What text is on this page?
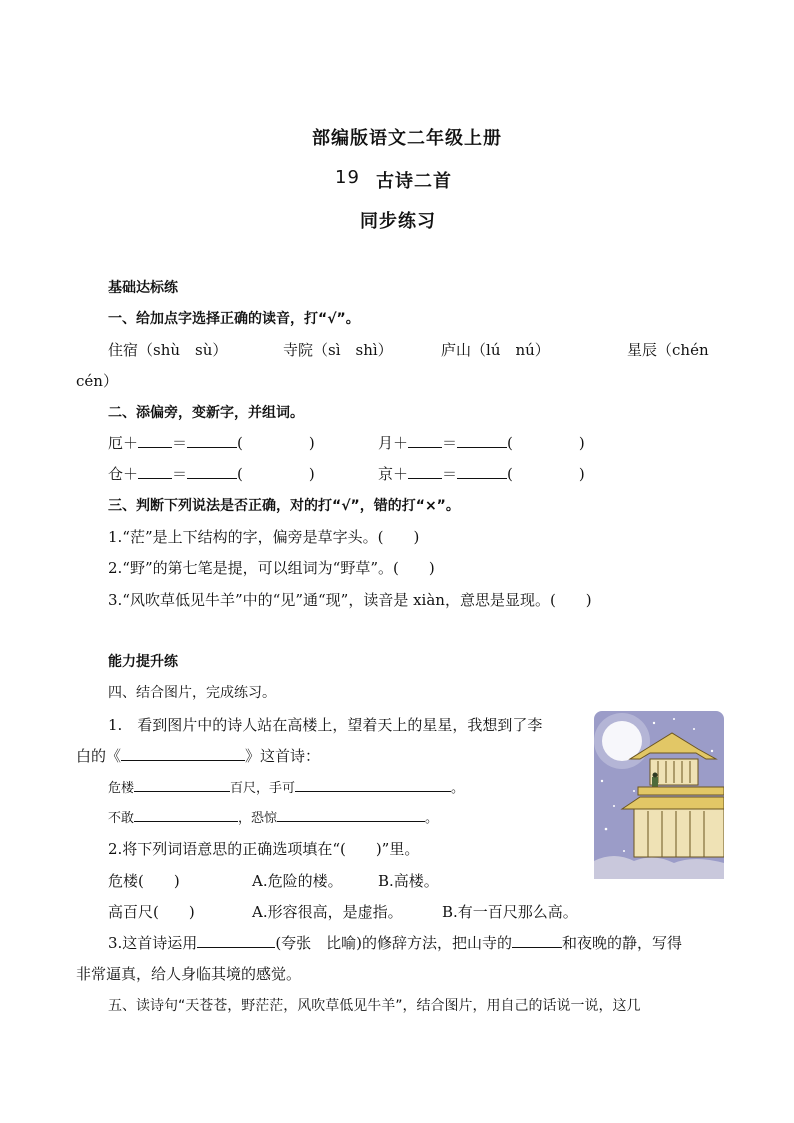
部编版语文二年级上册
19 古诗二首
同步练习
基础达标练
一、给加点字选择正确的读音，打“√”。
住宿（shù　sù）	寺院（sì　shì）	庐山（lú　nú）	星辰（chén
cén）
二、添偏旁，变新字，并组词。
厄＋ ＝	(	)	月＋ ＝	(	)
仓＋ ＝	(	)	京＋ ＝	(	)
三、判断下列说法是否正确，对的打“√”，错的打“×”。
1.“茫”是上下结构的字，偏旁是草字头。(　　)
2.“野”的第七笔是提，可以组词为“野草”。(　　)
3.“风吹草低见牛羊”中的“见”通“现”，读音是 xiàn，意思是显现。(　　)
能力提升练
四、结合图片，完成练习。
1.　看到图片中的诗人站在高楼上，望着天上的星星，我想到了李
白的《	》这首诗：
危楼	百尺，手可	。
不敢	，恐惊	。
2.将下列词语意思的正确选项填在“(　　)”里。
危楼(　　)	A.危险的楼。 B.高楼。
高百尺(　　)	A.形容很高，是虚指。	B.有一百尺那么高。
3.这首诗运用	(夸张　比喻)的修辞方法，把山寺的	和夜晚的静，写得
非常逼真，给人身临其境的感觉。
五、读诗句“天苍苍，野茫茫，风吹草低见牛羊”，结合图片，用自己的话说一说，这几
